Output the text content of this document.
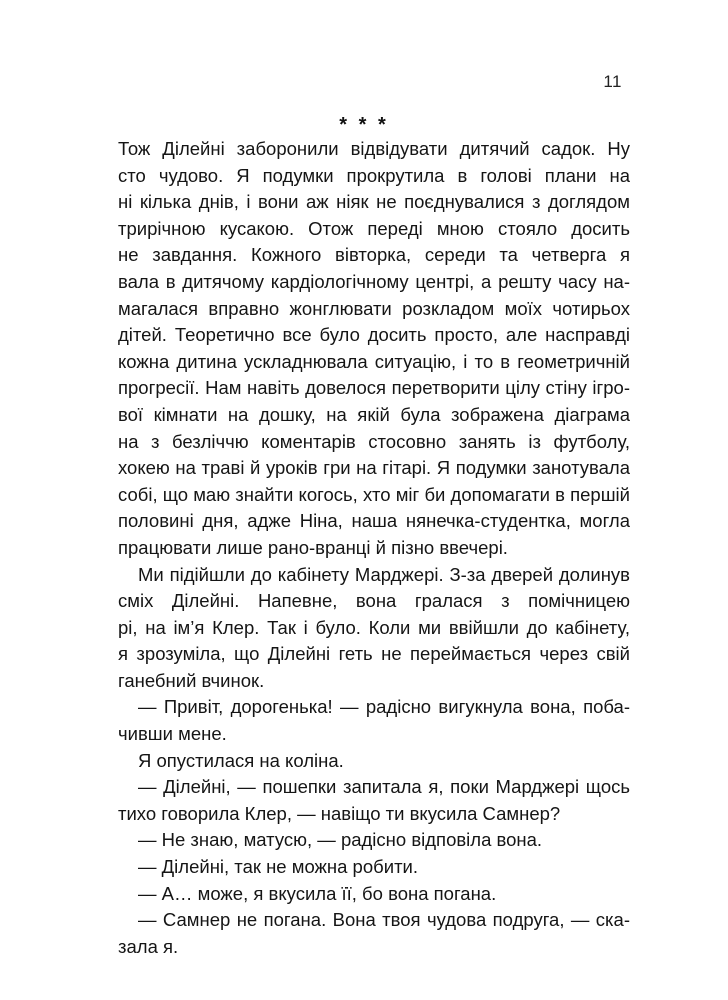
11
* * *
Тож Ділейні заборонили відвідувати дитячий садок. Ну
сто чудово. Я подумки прокрутила в голові плани на
ні кілька днів, і вони аж ніяк не поєднувалися з доглядом
трирічною кусакою. Отож переді мною стояло досить
не завдання. Кожного вівторка, середи та четверга я
вала в дитячому кардіологічному центрі, а решту часу на-
магалася вправно жонглювати розкладом моїх чотирьох
дітей. Теоретично все було досить просто, але насправді
кожна дитина ускладнювала ситуацію, і то в геометричній
прогресії. Нам навіть довелося перетворити цілу стіну ігро-
вої кімнати на дошку, на якій була зображена діаграма
на з безліччю коментарів стосовно занять із футболу,
хокею на траві й уроків гри на гітарі. Я подумки занотувала
собі, що маю знайти когось, хто міг би допомагати в першій
половині дня, адже Ніна, наша нянечка-студентка, могла
працювати лише рано-вранці й пізно ввечері.
Ми підійшли до кабінету Марджері. З-за дверей долинув
сміх Ділейні. Напевне, вона гралася з помічницею
рі, на ім’я Клер. Так і було. Коли ми ввійшли до кабінету,
я зрозуміла, що Ділейні геть не переймається через свій
ганебний вчинок.
— Привіт, дорогенька! — радісно вигукнула вона, поба-
чивши мене.
Я опустилася на коліна.
— Ділейні, — пошепки запитала я, поки Марджері щось
тихо говорила Клер, — навіщо ти вкусила Самнер?
— Не знаю, матусю, — радісно відповіла вона.
— Ділейні, так не можна робити.
— А… може, я вкусила її, бо вона погана.
— Самнер не погана. Вона твоя чудова подруга, — ска-
зала я.
